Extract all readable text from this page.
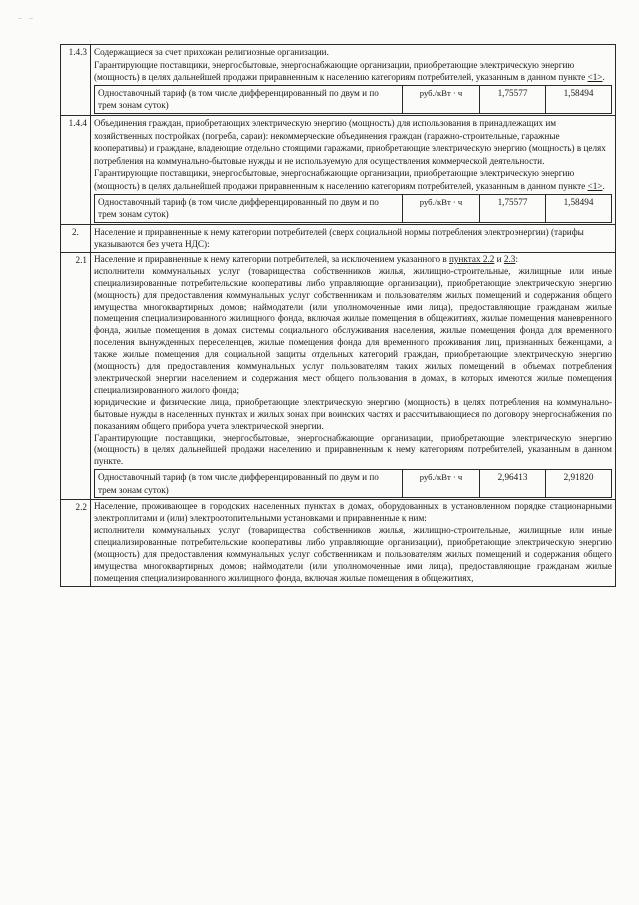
– –
1.4.3	Содержащиеся за счет прихожан религиозные организации.

Гарантирующие поставщики, энергосбытовые, энергоснабжающие организации, приобретающие электрическую энергию (мощность) в целях дальнейшей продажи приравненным к населению категориям потребителей, указанным в данном пункте <1>.

Одноставочный тариф (в том числе дифференцированный по двум и по трем зонам суток)	руб./кВт · ч	1,75577	1,58494

1.4.4	Объединения граждан, приобретающих электрическую энергию (мощность) для использования в принадлежащих им хозяйственных постройках (погреба, сараи): некоммерческие объединения граждан (гаражно-строительные, гаражные кооперативы) и граждане, владеющие отдельно стоящими гаражами, приобретающие электрическую энергию (мощность) в целях потребления на коммунально-бытовые нужды и не используемую для осуществления коммерческой деятельности.

Гарантирующие поставщики, энергосбытовые, энергоснабжающие организации, приобретающие электрическую энергию (мощность) в целях дальнейшей продажи приравненным к населению категориям потребителей, указанным в данном пункте <1>.

Одноставочный тариф (в том числе дифференцированный по двум и по трем зонам суток)	руб./кВт · ч	1,75577	1,58494

2.	Население и приравненные к нему категории потребителей (сверх социальной нормы потребления электроэнергии) (тарифы указываются без учета НДС):

2.1	Население и приравненные к нему категории потребителей, за исключением указанного в пунктах 2.2 и 2.3:

исполнители коммунальных услуг (товарищества собственников жилья, жилищно-строительные, жилищные или иные специализированные потребительские кооперативы либо управляющие организации), приобретающие электрическую энергию (мощность) для предоставления коммунальных услуг собственникам и пользователям жилых помещений и содержания общего имущества многоквартирных домов; наймодатели (или уполномоченные ими лица), предоставляющие гражданам жилые помещения специализированного жилищного фонда, включая жилые помещения в общежитиях, жилые помещения маневренного фонда, жилые помещения в домах системы социального обслуживания населения, жилые помещения фонда для временного поселения вынужденных переселенцев, жилые помещения фонда для временного проживания лиц, признанных беженцами, а также жилые помещения для социальной защиты отдельных категорий граждан, приобретающие электрическую энергию (мощность) для предоставления коммунальных услуг пользователям таких жилых помещений в объемах потребления электрической энергии населением и содержания мест общего пользования в домах, в которых имеются жилые помещения специализированного жилого фонда;

юридические и физические лица, приобретающие электрическую энергию (мощность) в целях потребления на коммунально-бытовые нужды в населенных пунктах и жилых зонах при воинских частях и рассчитывающиеся по договору энергоснабжения по показаниям общего прибора учета электрической энергии.

Гарантирующие поставщики, энергосбытовые, энергоснабжающие организации, приобретающие электрическую энергию (мощность) в целях дальнейшей продажи населению и приравненным к нему категориям потребителей, указанным в данном пункте.

Одноставочный тариф (в том числе дифференцированный по двум и по трем зонам суток)	руб./кВт · ч	2,96413	2,91820

2.2	Население, проживающее в городских населенных пунктах в домах, оборудованных в установленном порядке стационарными электроплитами и (или) электроотопительными установками и приравненные к ним:

исполнители коммунальных услуг (товарищества собственников жилья, жилищно-строительные, жилищные или иные специализированные потребительские кооперативы либо управляющие организации), приобретающие электрическую энергию (мощность) для предоставления коммунальных услуг собственникам и пользователям жилых помещений и содержания общего имущества многоквартирных домов; наймодатели (или уполномоченные ими лица), предоставляющие гражданам жилые помещения специализированного жилищного фонда, включая жилые помещения в общежитиях,
